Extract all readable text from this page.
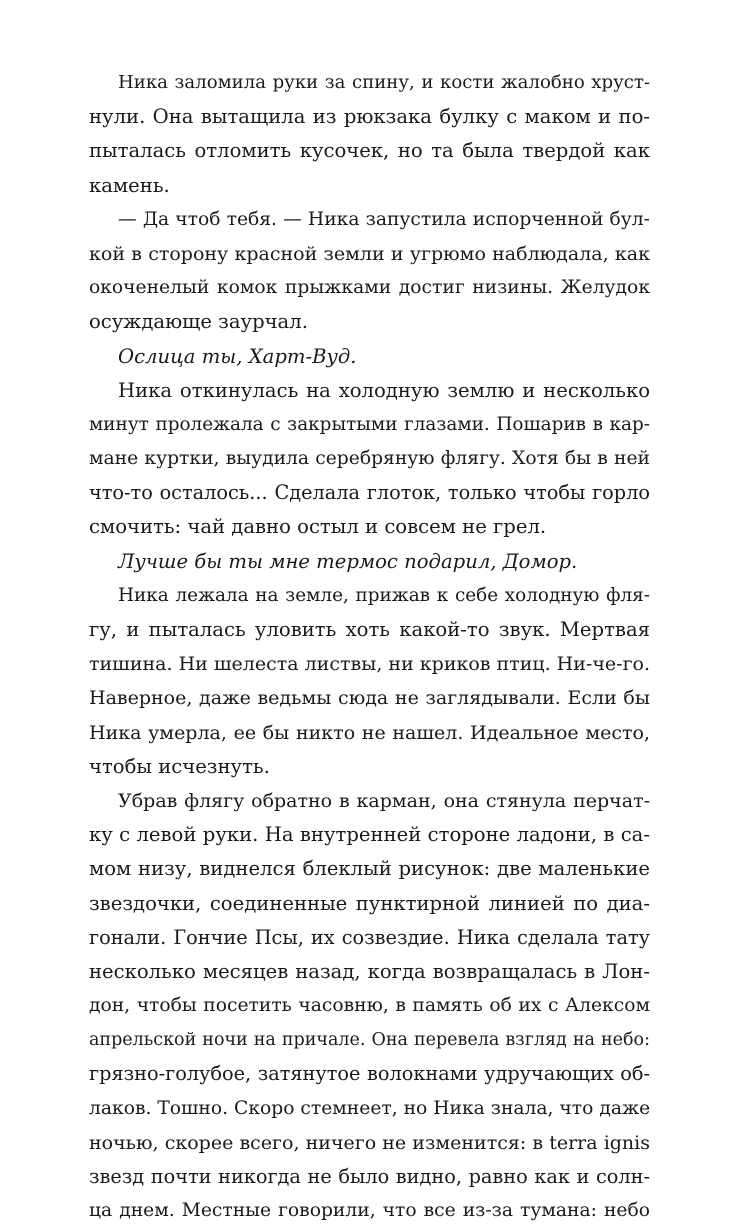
Ника заломила руки за спину, и кости жалобно хруст-
нули. Она вытащила из рюкзака булку с маком и по-
пыталась отломить кусочек, но та была твердой как
камень.
— Да чтоб тебя. — Ника запустила испорченной бул-
кой в сторону красной земли и угрюмо наблюдала, как
окоченелый комок прыжками достиг низины. Желудок
осуждающе заурчал.
Ослица ты, Харт-Вуд.
Ника откинулась на холодную землю и несколько
минут пролежала с закрытыми глазами. Пошарив в кар-
мане куртки, выудила серебряную флягу. Хотя бы в ней
что-то осталось... Сделала глоток, только чтобы горло
смочить: чай давно остыл и совсем не грел.
Лучше бы ты мне термос подарил, Домор.
Ника лежала на земле, прижав к себе холодную фля-
гу, и пыталась уловить хоть какой-то звук. Мертвая
тишина. Ни шелеста листвы, ни криков птиц. Ни-че-го.
Наверное, даже ведьмы сюда не заглядывали. Если бы
Ника умерла, ее бы никто не нашел. Идеальное место,
чтобы исчезнуть.
Убрав флягу обратно в карман, она стянула перчат-
ку с левой руки. На внутренней стороне ладони, в са-
мом низу, виднелся блеклый рисунок: две маленькие
звездочки, соединенные пунктирной линией по диа-
гонали. Гончие Псы, их созвездие. Ника сделала тату
несколько месяцев назад, когда возвращалась в Лон-
дон, чтобы посетить часовню, в память об их с Алексом
апрельской ночи на причале. Она перевела взгляд на небо:
грязно-голубое, затянутое волокнами удручающих об-
лаков. Тошно. Скоро стемнеет, но Ника знала, что даже
ночью, скорее всего, ничего не изменится: в terra ignis
звезд почти никогда не было видно, равно как и солн-
ца днем. Местные говорили, что все из-за тумана: небо
